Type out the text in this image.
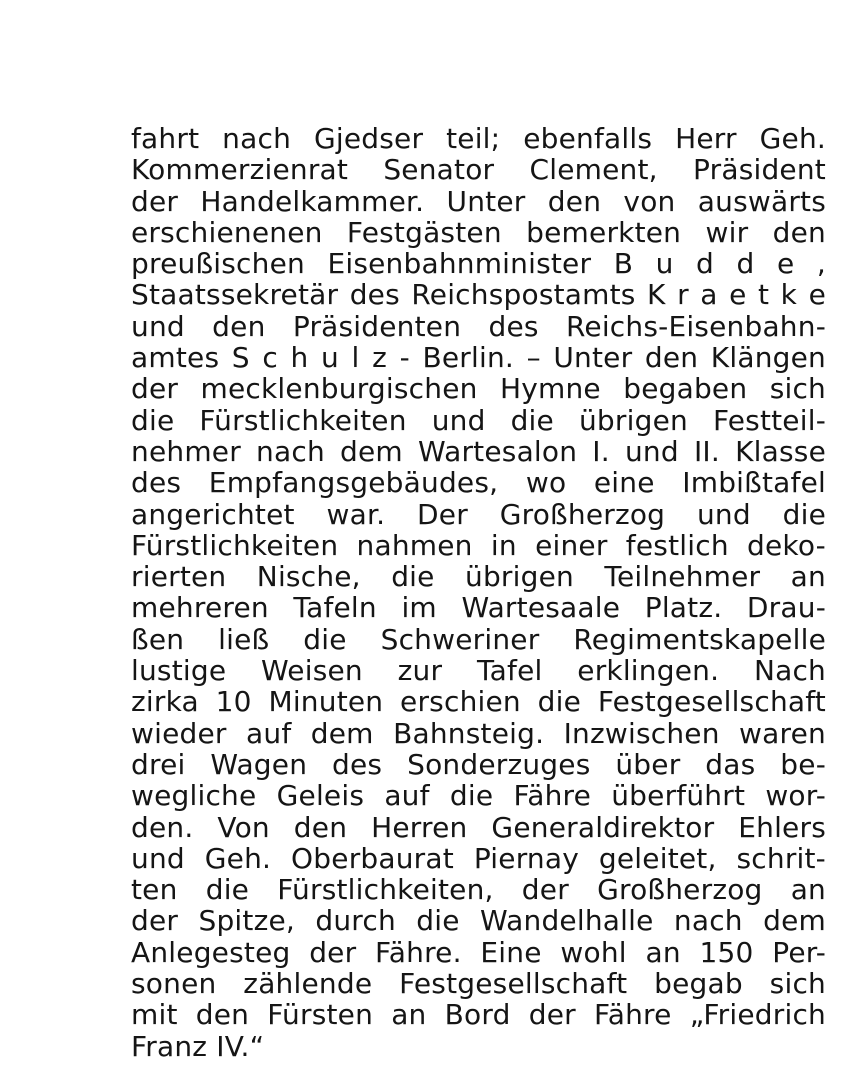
fahrt nach Gjedser teil; ebenfalls Herr Geh.
Kommerzienrat Senator Clement, Präsident
der Handelkammer. Unter den von auswärts
erschienenen Festgästen bemerkten wir den
preußischen Eisenbahnminister B u d d e ,
Staatssekretär des Reichspostamts K r a e t k e
und den Präsidenten des Reichs-Eisenbahn-
amtes S c h u l z - Berlin. – Unter den Klängen
der mecklenburgischen Hymne begaben sich
die Fürstlichkeiten und die übrigen Festteil-
nehmer nach dem Wartesalon I. und II. Klasse
des Empfangsgebäudes, wo eine Imbißtafel
angerichtet war. Der Großherzog und die
Fürstlichkeiten nahmen in einer festlich deko-
rierten Nische, die übrigen Teilnehmer an
mehreren Tafeln im Wartesaale Platz. Drau-
ßen ließ die Schweriner Regimentskapelle
lustige Weisen zur Tafel erklingen. Nach
zirka 10 Minuten erschien die Festgesellschaft
wieder auf dem Bahnsteig. Inzwischen waren
drei Wagen des Sonderzuges über das be-
wegliche Geleis auf die Fähre überführt wor-
den. Von den Herren Generaldirektor Ehlers
und Geh. Oberbaurat Piernay geleitet, schrit-
ten die Fürstlichkeiten, der Großherzog an
der Spitze, durch die Wandelhalle nach dem
Anlegesteg der Fähre. Eine wohl an 150 Per-
sonen zählende Festgesellschaft begab sich
mit den Fürsten an Bord der Fähre „Friedrich
Franz IV.“
